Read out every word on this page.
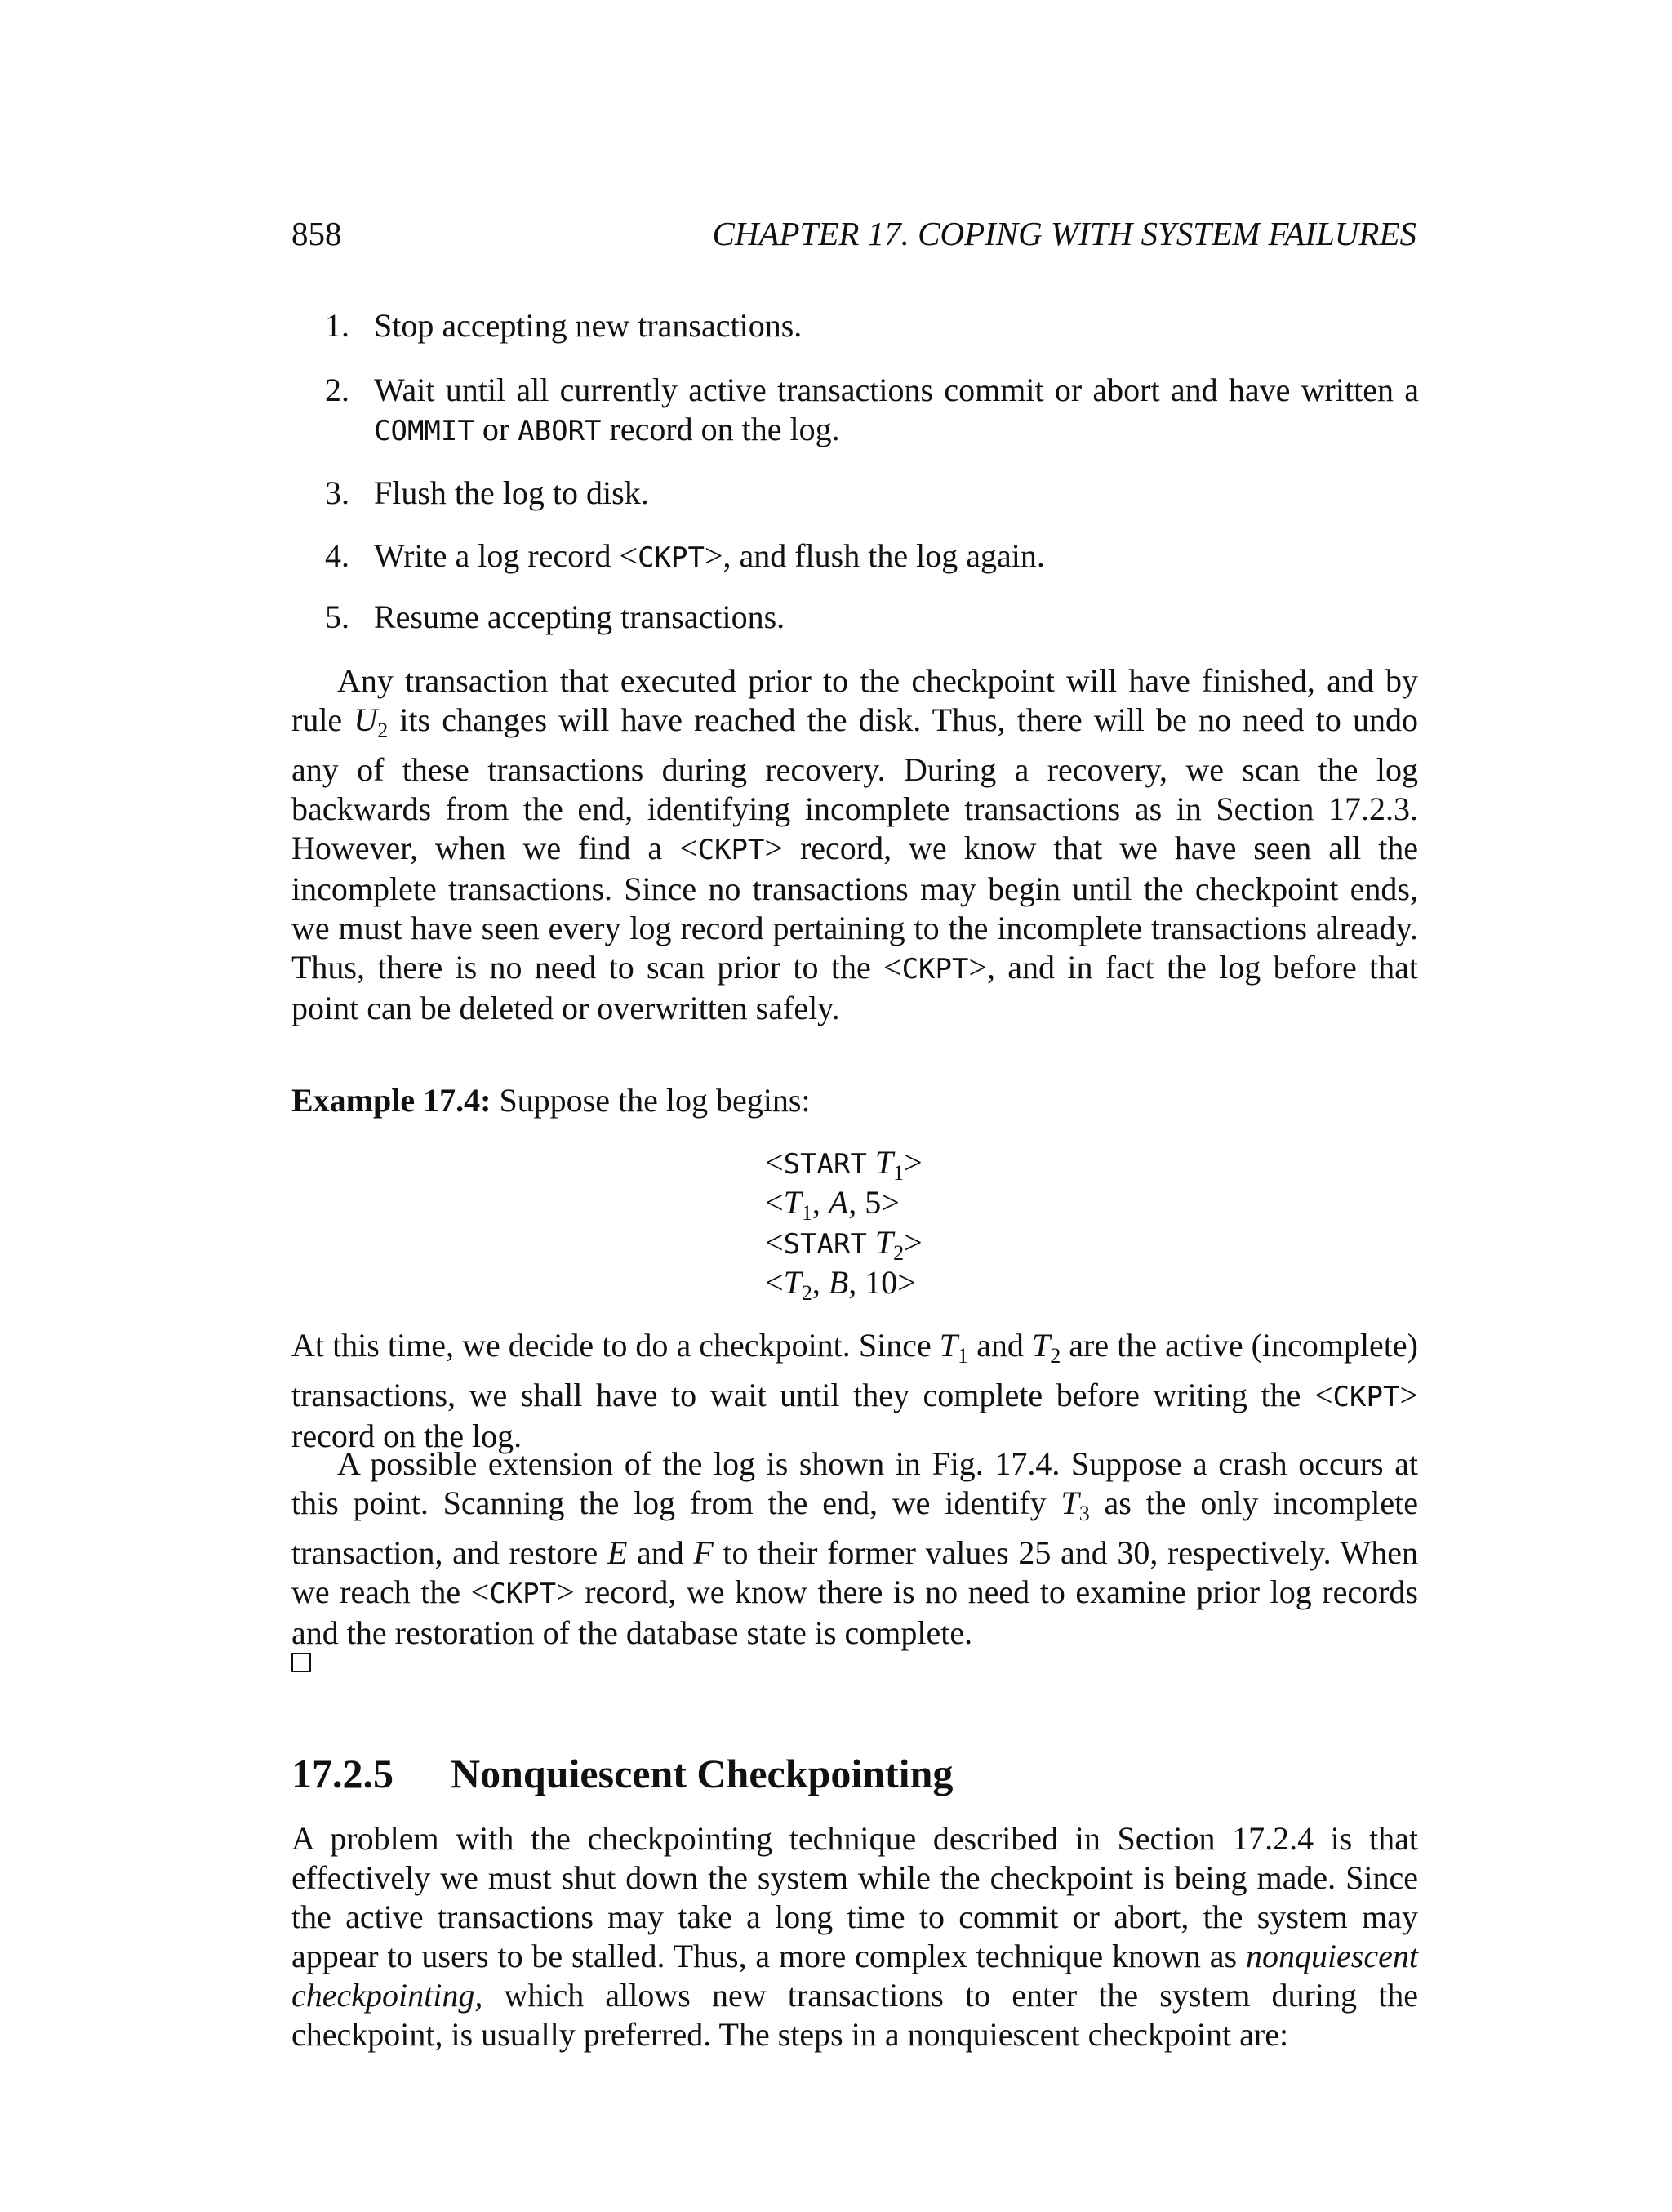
858	CHAPTER 17. COPING WITH SYSTEM FAILURES
1. Stop accepting new transactions.
2. Wait until all currently active transactions commit or abort and have written a COMMIT or ABORT record on the log.
3. Flush the log to disk.
4. Write a log record <CKPT>, and flush the log again.
5. Resume accepting transactions.
Any transaction that executed prior to the checkpoint will have finished, and by rule $U_2$ its changes will have reached the disk. Thus, there will be no need to undo any of these transactions during recovery. During a recovery, we scan the log backwards from the end, identifying incomplete transactions as in Section 17.2.3. However, when we find a <CKPT> record, we know that we have seen all the incomplete transactions. Since no transactions may begin until the checkpoint ends, we must have seen every log record pertaining to the incomplete transactions already. Thus, there is no need to scan prior to the <CKPT>, and in fact the log before that point can be deleted or overwritten safely.
Example 17.4: Suppose the log begins:
<START $T_1>$
$<T_1$, A, 5>
<START $T_2>$
$<T_2$, B, 10>
At this time, we decide to do a checkpoint. Since $T_1$ and $T_2$ are the active (incomplete) transactions, we shall have to wait until they complete before writing the <CKPT> record on the log.
A possible extension of the log is shown in Fig. 17.4. Suppose a crash occurs at this point. Scanning the log from the end, we identify $T_3$ as the only incomplete transaction, and restore E and F to their former values 25 and 30, respectively. When we reach the <CKPT> record, we know there is no need to examine prior log records and the restoration of the database state is complete.
17.2.5 Nonquiescent Checkpointing
A problem with the checkpointing technique described in Section 17.2.4 is that effectively we must shut down the system while the checkpoint is being made. Since the active transactions may take a long time to commit or abort, the system may appear to users to be stalled. Thus, a more complex technique known as nonquiescent checkpointing, which allows new transactions to enter the system during the checkpoint, is usually preferred. The steps in a nonquiescent checkpoint are:
